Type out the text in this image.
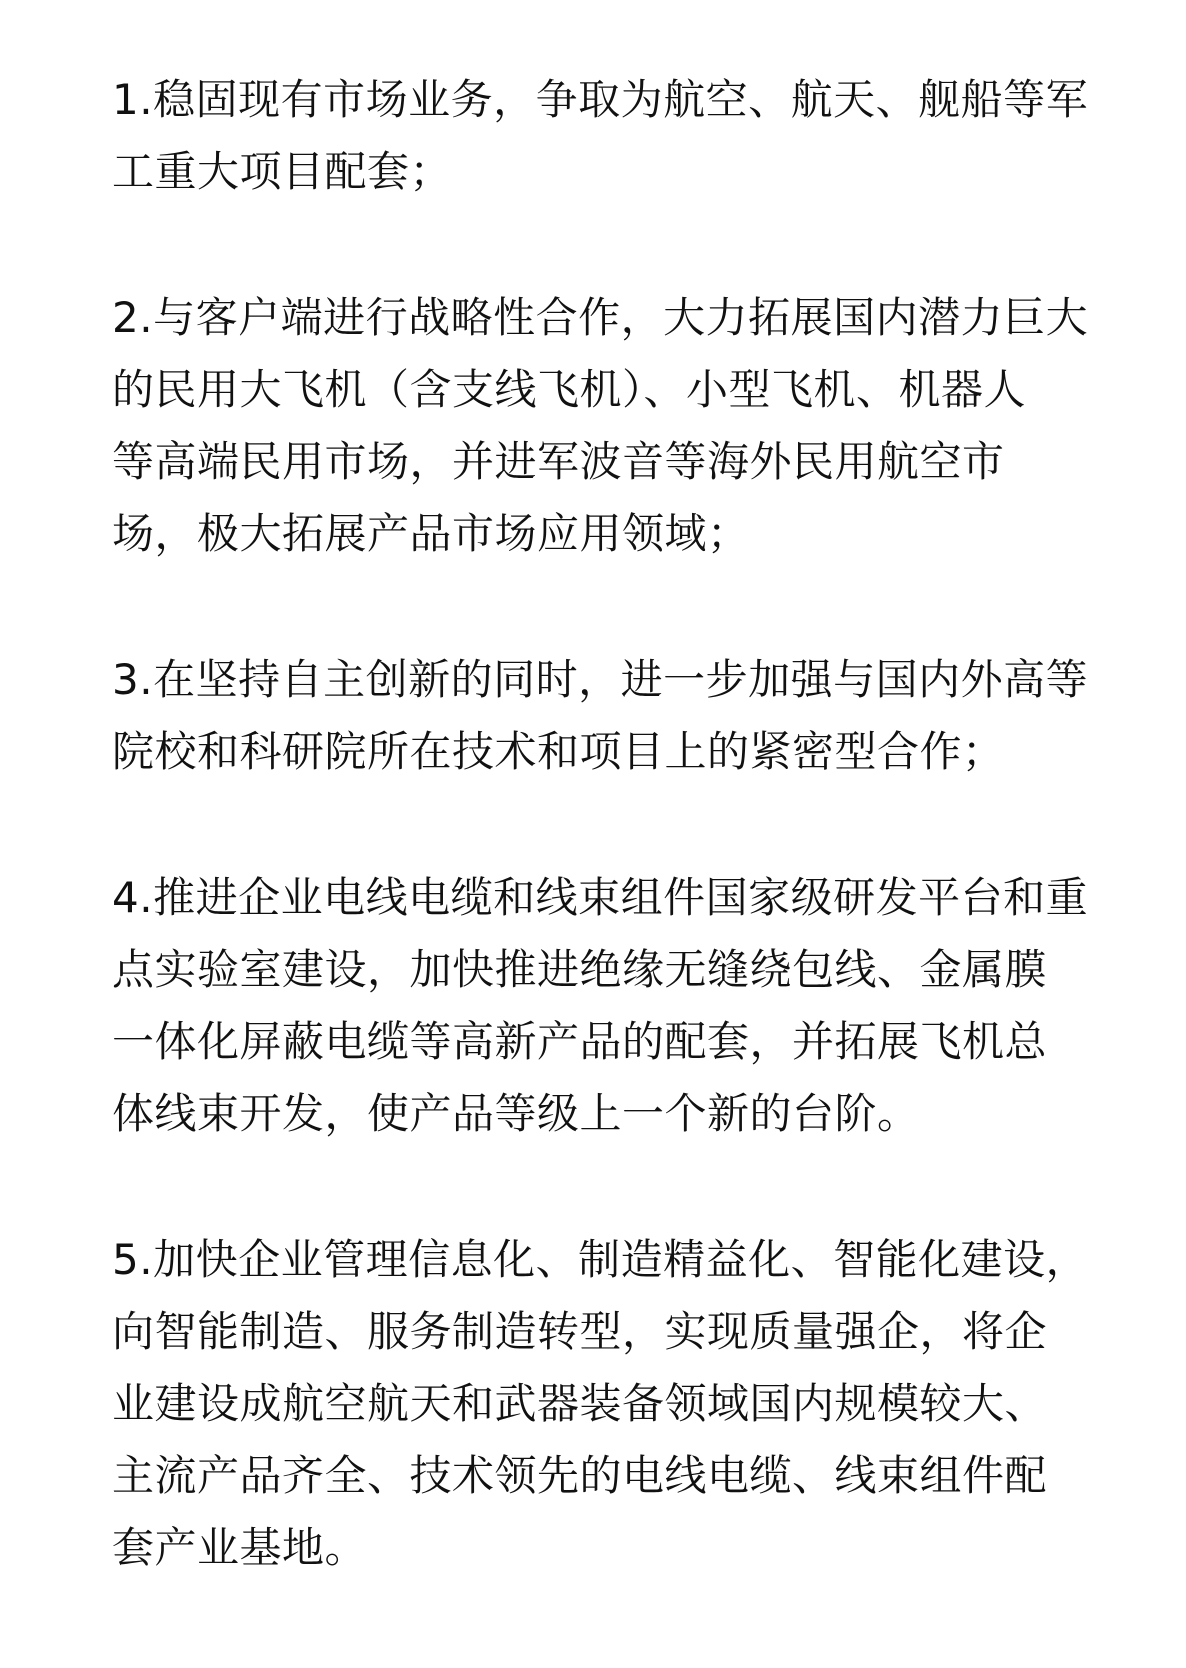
1.稳固现有市场业务，争取为航空、航天、舰船等军
工重大项目配套；
2.与客户端进行战略性合作，大力拓展国内潜力巨大
的民用大飞机（含支线飞机）、小型飞机、机器人
等高端民用市场，并进军波音等海外民用航空市
场，极大拓展产品市场应用领域；
3.在坚持自主创新的同时，进一步加强与国内外高等
院校和科研院所在技术和项目上的紧密型合作；
4.推进企业电线电缆和线束组件国家级研发平台和重
点实验室建设，加快推进绝缘无缝绕包线、金属膜
一体化屏蔽电缆等高新产品的配套，并拓展飞机总
体线束开发，使产品等级上一个新的台阶。
5.加快企业管理信息化、制造精益化、智能化建设，
向智能制造、服务制造转型，实现质量强企，将企
业建设成航空航天和武器装备领域国内规模较大、
主流产品齐全、技术领先的电线电缆、线束组件配
套产业基地。
